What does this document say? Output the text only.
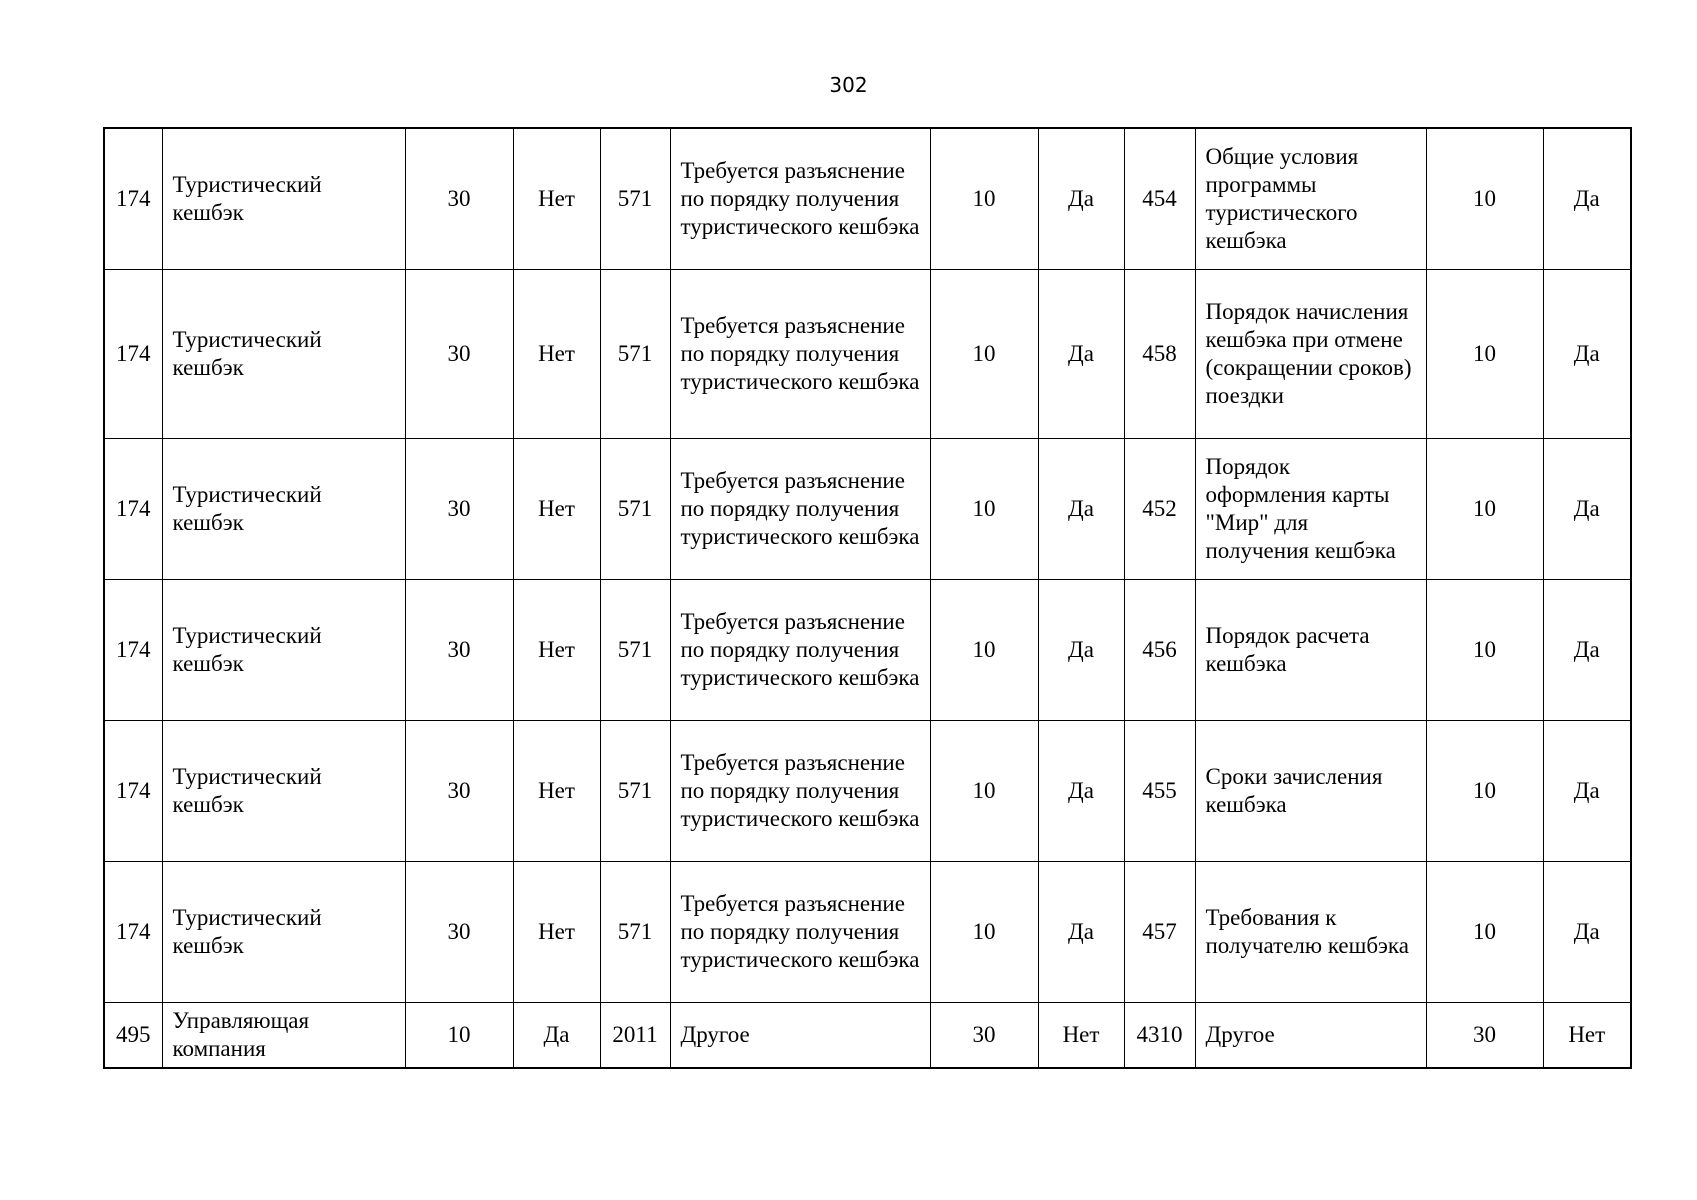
302
174	Туристический кешбэк	30	Нет	571	Требуется разъяснение по порядку получения туристического кешбэка	10	Да	454	Общие условия программы туристического кешбэка	10	Да
174	Туристический кешбэк	30	Нет	571	Требуется разъяснение по порядку получения туристического кешбэка	10	Да	458	Порядок начисления кешбэка при отмене (сокращении сроков) поездки	10	Да
174	Туристический кешбэк	30	Нет	571	Требуется разъяснение по порядку получения туристического кешбэка	10	Да	452	Порядок оформления карты "Мир" для получения кешбэка	10	Да
174	Туристический кешбэк	30	Нет	571	Требуется разъяснение по порядку получения туристического кешбэка	10	Да	456	Порядок расчета кешбэка	10	Да
174	Туристический кешбэк	30	Нет	571	Требуется разъяснение по порядку получения туристического кешбэка	10	Да	455	Сроки зачисления кешбэка	10	Да
174	Туристический кешбэк	30	Нет	571	Требуется разъяснение по порядку получения туристического кешбэка	10	Да	457	Требования к получателю кешбэка	10	Да
495	Управляющая компания	10	Да	2011	Другое	30	Нет	4310	Другое	30	Нет
